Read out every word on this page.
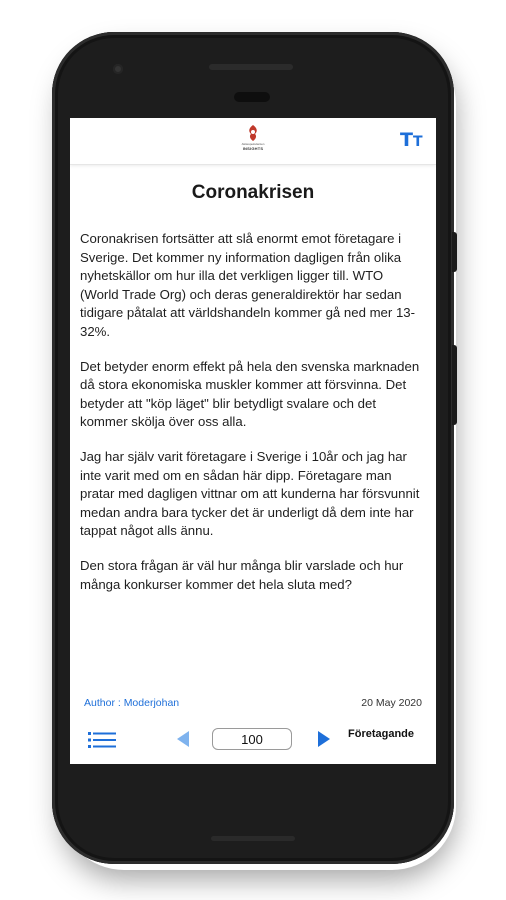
Aktiespekulanten
INSIGHTS	TT
Coronakrisen

Coronakrisen fortsätter att slå enormt emot företagare i Sverige. Det kommer ny information dagligen från olika nyhetskällor om hur illa det verkligen ligger till. WTO (World Trade Org) och deras generaldirektör har sedan tidigare påtalat att världshandeln kommer gå ned mer 13-32%.

Det betyder enorm effekt på hela den svenska marknaden då stora ekonomiska muskler kommer att försvinna. Det betyder att "köp läget" blir betydligt svalare och det kommer skölja över oss alla.

Jag har själv varit företagare i Sverige i 10år och jag har inte varit med om en sådan här dipp. Företagare man pratar med dagligen vittnar om att kunderna har försvunnit medan andra bara tycker det är underligt då dem inte har tappat något alls ännu.

Den stora frågan är väl hur många blir varslade och hur många konkurser kommer det hela sluta med?

Author : Moderjohan	20 May 2020
100
Företagande
